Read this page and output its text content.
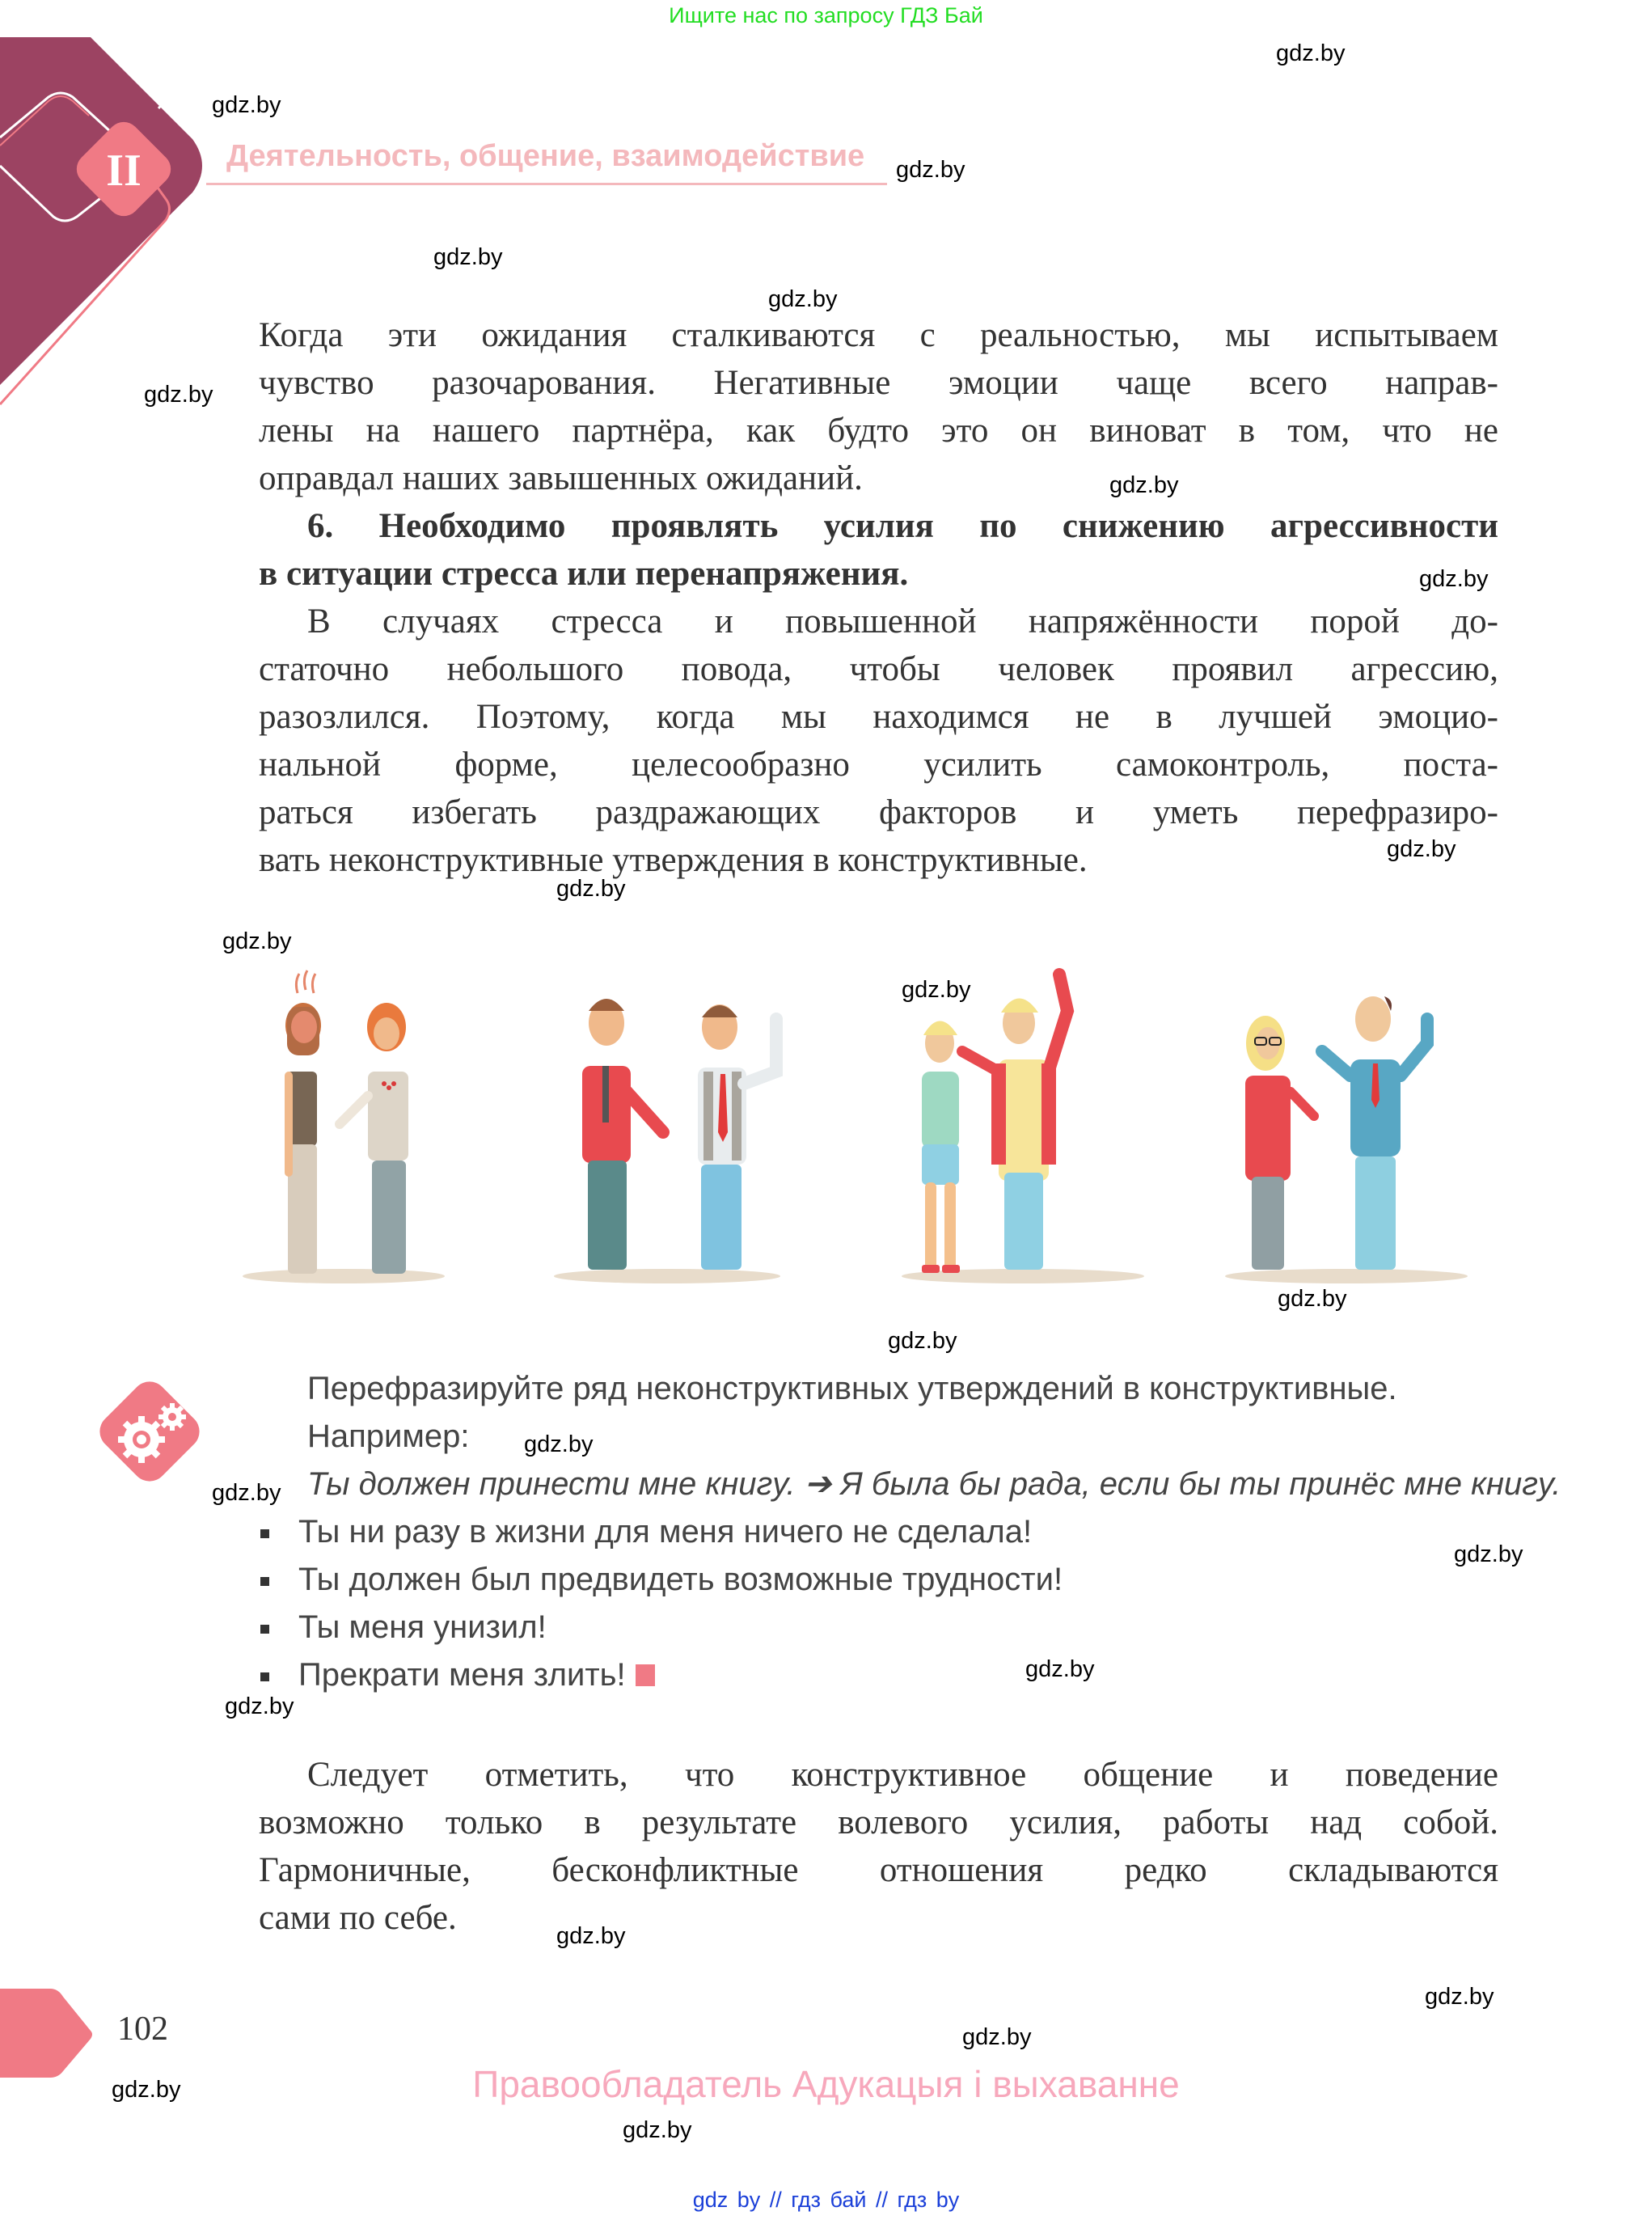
Ищите нас по запросу ГДЗ Бай
II	Деятельность, общение, взаимодействие
Когда эти ожидания сталкиваются с реальностью, мы испытываем
чувство разочарования. Негативные эмоции чаще всего направ-
лены на нашего партнёра, как будто это он виноват в том, что не
оправдал наших завышенных ожиданий.
6. Необходимо проявлять усилия по снижению агрессивности
в ситуации стресса или перенапряжения.
В случаях стресса и повышенной напряжённости порой до-
статочно небольшого повода, чтобы человек проявил агрессию,
разозлился. Поэтому, когда мы находимся не в лучшей эмоцио-
нальной форме, целесообразно усилить самоконтроль, поста-
раться избегать раздражающих факторов и уметь перефразиро-
вать неконструктивные утверждения в конструктивные.
Перефразируйте ряд неконструктивных утверждений в конструктивные.
Например:
Ты должен принести мне книгу. ➔ Я была бы рада, если бы ты принёс мне книгу.
Ты ни разу в жизни для меня ничего не сделала!
Ты должен был предвидеть возможные трудности!
Ты меня унизил!
Прекрати меня злить!
Следует отметить, что конструктивное общение и поведение
возможно только в результате волевого усилия, работы над собой.
Гармоничные, бесконфликтные отношения редко складываются
сами по себе.
102
Правообладатель Адукацыя і выхаванне
gdz by // гдз бай // гдз by
gdz.by
gdz.by
gdz.by
gdz.by
gdz.by
gdz.by
gdz.by
gdz.by
gdz.by
gdz.by
gdz.by
gdz.by
gdz.by
gdz.by
gdz.by
gdz.by
gdz.by
gdz.by
gdz.by
gdz.by
gdz.by
gdz.by
gdz.by
gdz.by
